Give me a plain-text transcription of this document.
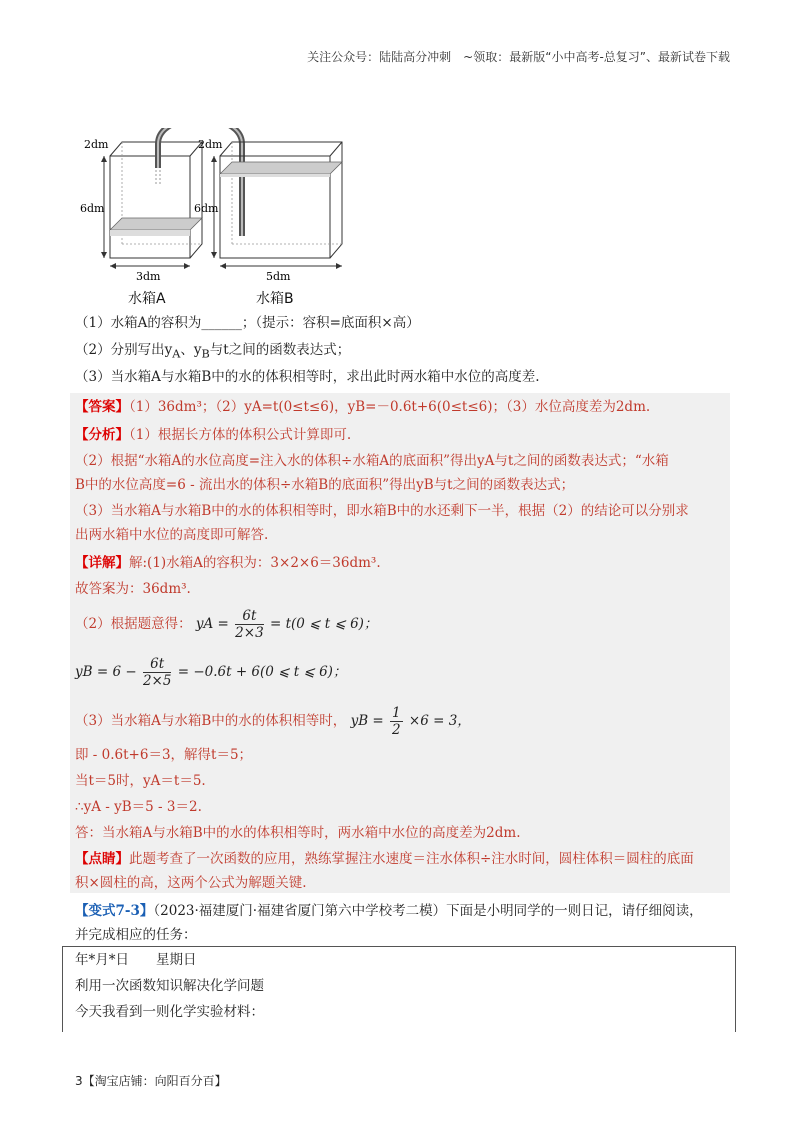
关注公众号：陆陆高分冲刺　~领取：最新版“小中高考-总复习”、最新试卷下载
2dm
6dm
3dm
2dm
6dm
5dm
水箱A	水箱B
（1）水箱A的容积为______；（提示：容积=底面积×高）
（2）分别写出$y_A$、$y_B$与t之间的函数表达式；
（3）当水箱A与水箱B中的水的体积相等时，求出此时两水箱中水位的高度差.
【答案】（1）36dm³；（2）yA=t(0≤t≤6)，yB=－0.6t+6(0≤t≤6)；（3）水位高度差为2dm.
【分析】（1）根据长方体的体积公式计算即可.
（2）根据“水箱A的水位高度=注入水的体积÷水箱A的底面积”得出yA与t之间的函数表达式；“水箱
B中的水位高度=6 - 流出水的体积÷水箱B的底面积”得出yB与t之间的函数表达式；
（3）当水箱A与水箱B中的水的体积相等时，即水箱B中的水还剩下一半，根据（2）的结论可以分别求
出两水箱中水位的高度即可解答.
【详解】解:(1)水箱A的容积为：3×2×6＝36dm³.
故答案为：36dm³.
（2）根据题意得： yA = $\frac{6t}{2\times 3} = t(0$ ⩽ t ⩽ 6)；
yB = $6 - \frac{6t}{2\times 5} = -0.6t + 6(0$ ⩽ t ⩽ 6)；
（3）当水箱A与水箱B中的水的体积相等时， yB = $\frac{1}{2} \times 6 = 3$，
即 - 0.6t+6＝3，解得t＝5；
当t＝5时，yA＝t＝5.
∴yA - yB＝5 - 3＝2.
答：当水箱A与水箱B中的水的体积相等时，两水箱中水位的高度差为2dm.
【点睛】此题考查了一次函数的应用，熟练掌握注水速度＝注水体积÷注水时间，圆柱体积＝圆柱的底面
积×圆柱的高，这两个公式为解题关键.
【变式7-3】（2023·福建厦门·福建省厦门第六中学校考二模）下面是小明同学的一则日记，请仔细阅读，
并完成相应的任务：
年*月*日　　星期日
利用一次函数知识解决化学问题
今天我看到一则化学实验材料：
3【淘宝店铺：向阳百分百】
